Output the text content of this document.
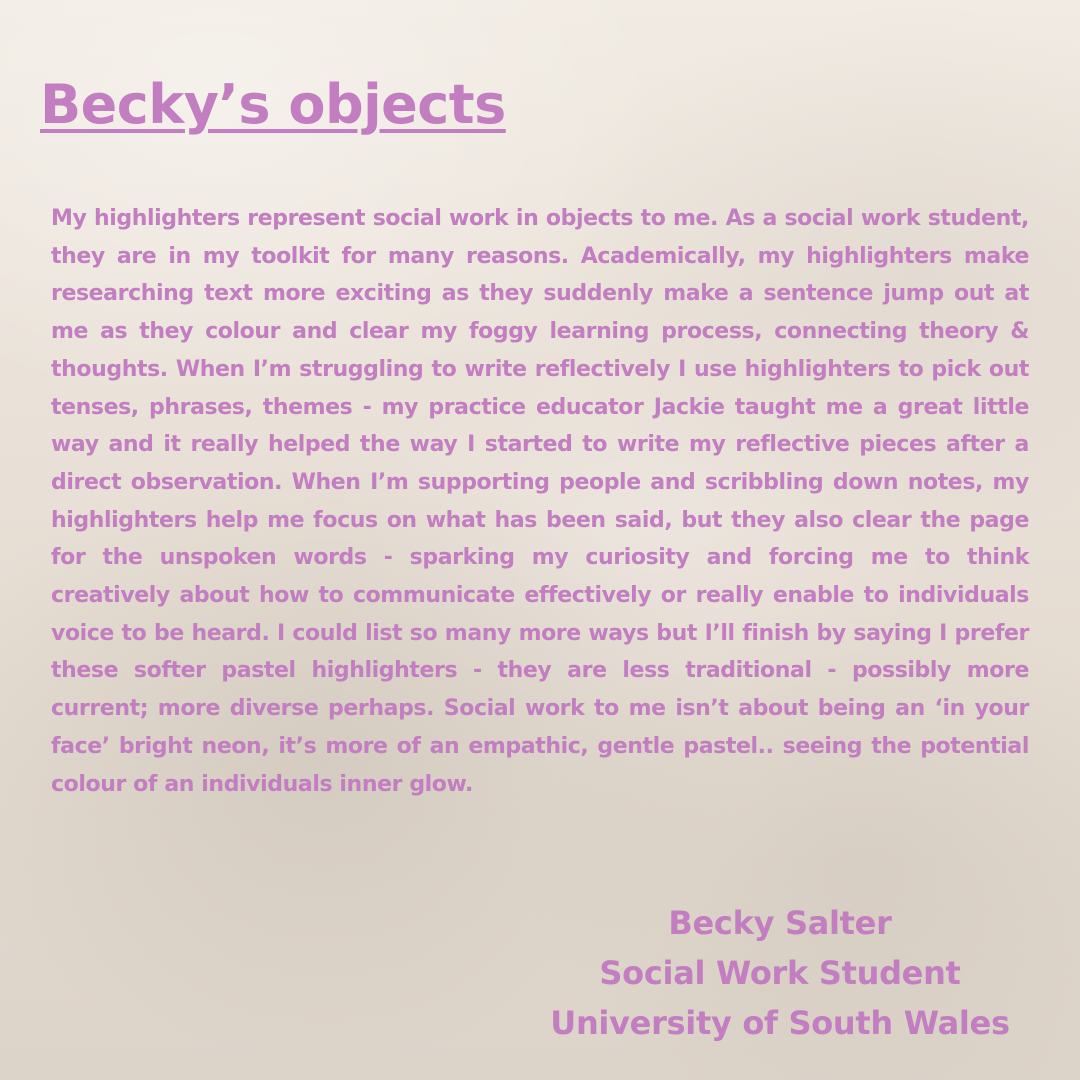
Becky’s objects

My highlighters represent social work in objects to me. As a social work student, they are in my toolkit for many reasons. Academically, my highlighters make researching text more exciting as they suddenly make a sentence jump out at me as they colour and clear my foggy learning process, connecting theory & thoughts. When I’m struggling to write reflectively I use highlighters to pick out tenses, phrases, themes - my practice educator Jackie taught me a great little way and it really helped the way I started to write my reflective pieces after a direct observation. When I’m supporting people and scribbling down notes, my highlighters help me focus on what has been said, but they also clear the page for the unspoken words - sparking my curiosity and forcing me to think creatively about how to communicate effectively or really enable to individuals voice to be heard. I could list so many more ways but I’ll finish by saying I prefer these softer pastel highlighters - they are less traditional - possibly more current; more diverse perhaps. Social work to me isn’t about being an ‘in your face’ bright neon, it’s more of an empathic, gentle pastel.. seeing the potential colour of an individuals inner glow.

Becky Salter
Social Work Student
University of South Wales
